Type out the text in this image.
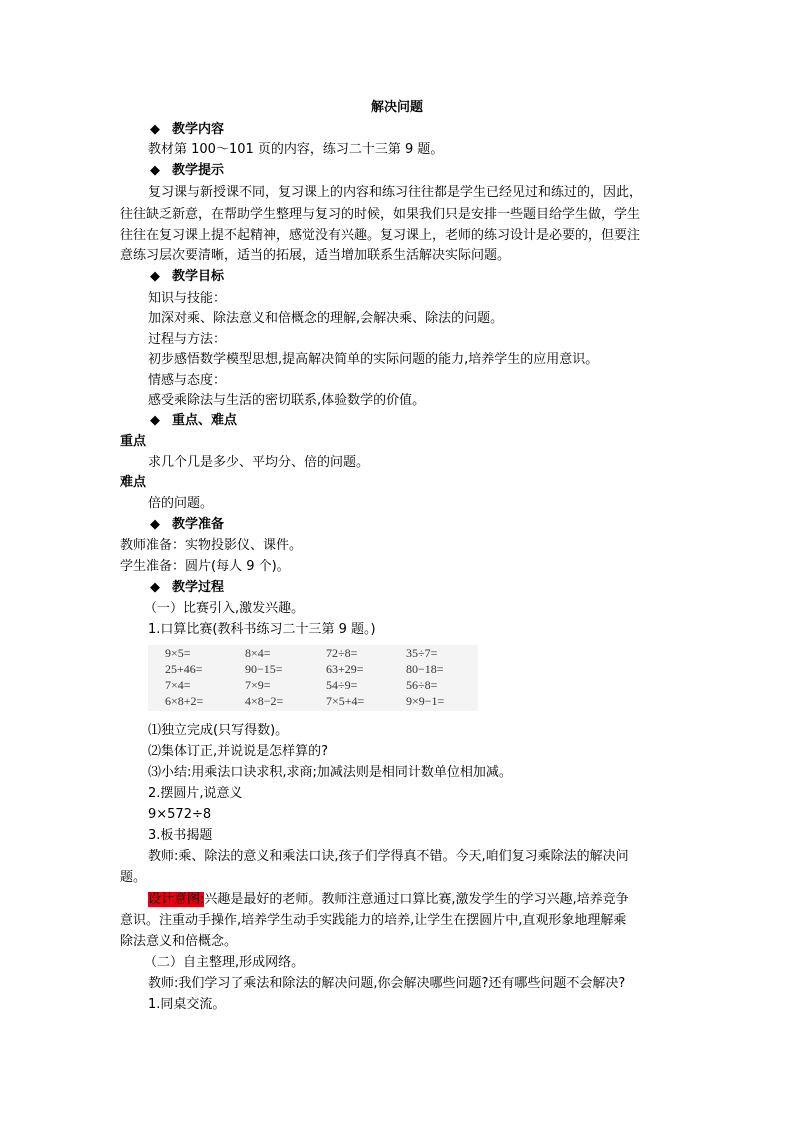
解决问题
◆ 教学内容
教材第 100～101 页的内容，练习二十三第 9 题。
◆ 教学提示
复习课与新授课不同，复习课上的内容和练习往往都是学生已经见过和练过的，因此，
往往缺乏新意，在帮助学生整理与复习的时候，如果我们只是安排一些题目给学生做，学生
往往在复习课上提不起精神，感觉没有兴趣。复习课上，老师的练习设计是必要的，但要注
意练习层次要清晰，适当的拓展，适当增加联系生活解决实际问题。
◆ 教学目标
知识与技能：
加深对乘、除法意义和倍概念的理解,会解决乘、除法的问题。
过程与方法：
初步感悟数学模型思想,提高解决简单的实际问题的能力,培养学生的应用意识。
情感与态度：
感受乘除法与生活的密切联系,体验数学的价值。
◆ 重点、难点
重点
求几个几是多少、平均分、倍的问题。
难点
倍的问题。
◆ 教学准备
教师准备：实物投影仪、课件。
学生准备：圆片(每人 9 个)。
◆ 教学过程
（一）比赛引入,激发兴趣。
1.口算比赛(教科书练习二十三第 9 题。)
9×5=	8×4=	72÷8=	35÷7=
25+46=	90−15=	63+29=	80−18=
7×4=	7×9=	54÷9=	56÷8=
6×8+2=	4×8−2=	7×5+4=	9×9−1=
⑴独立完成(只写得数)。
⑵集体订正,并说说是怎样算的?
⑶小结:用乘法口诀求积,求商;加减法则是相同计数单位相加减。
2.摆圆片,说意义
9×572÷8
3.板书揭题
教师:乘、除法的意义和乘法口诀,孩子们学得真不错。今天,咱们复习乘除法的解决问
题。
设计意图:兴趣是最好的老师。教师注意通过口算比赛,激发学生的学习兴趣,培养竞争
意识。注重动手操作,培养学生动手实践能力的培养,让学生在摆圆片中,直观形象地理解乘
除法意义和倍概念。
（二）自主整理,形成网络。
教师:我们学习了乘法和除法的解决问题,你会解决哪些问题?还有哪些问题不会解决?
1.同桌交流。
